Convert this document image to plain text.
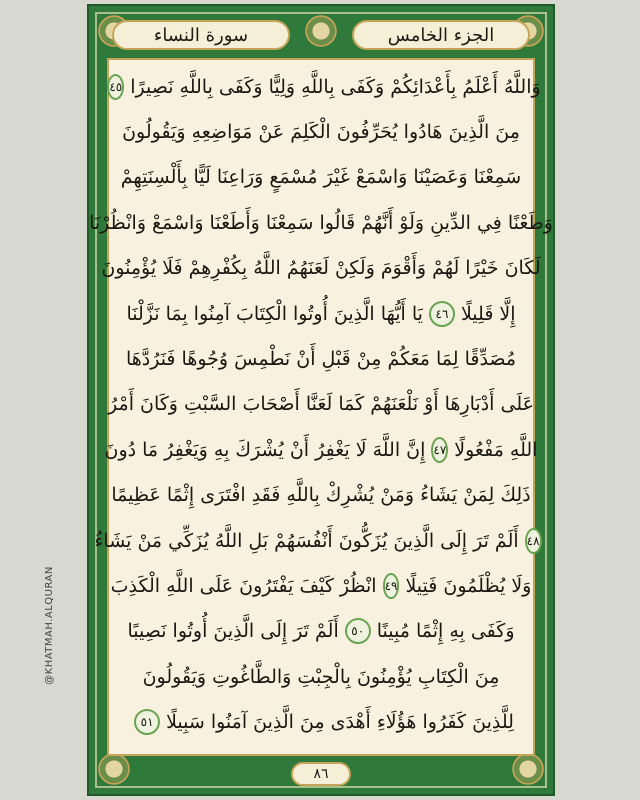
سورة النساء	الجزء الخامس
وَاللَّهُ أَعْلَمُ بِأَعْدَائِكُمْ وَكَفَى بِاللَّهِ وَلِيًّا وَكَفَى بِاللَّهِ نَصِيرًا
٤٥
مِنَ الَّذِينَ هَادُوا يُحَرِّفُونَ الْكَلِمَ عَنْ مَوَاضِعِهِ وَيَقُولُونَ
سَمِعْنَا وَعَصَيْنَا وَاسْمَعْ غَيْرَ مُسْمَعٍ وَرَاعِنَا لَيًّا بِأَلْسِنَتِهِمْ
وَطَعْنًا فِي الدِّينِ وَلَوْ أَنَّهُمْ قَالُوا سَمِعْنَا وَأَطَعْنَا وَاسْمَعْ وَانْظُرْنَا
لَكَانَ خَيْرًا لَهُمْ وَأَقْوَمَ وَلَكِنْ لَعَنَهُمُ اللَّهُ بِكُفْرِهِمْ فَلَا يُؤْمِنُونَ
إِلَّا قَلِيلًا
٤٦
يَا أَيُّهَا الَّذِينَ أُوتُوا الْكِتَابَ آمِنُوا بِمَا نَزَّلْنَا
مُصَدِّقًا لِمَا مَعَكُمْ مِنْ قَبْلِ أَنْ نَطْمِسَ وُجُوهًا فَنَرُدَّهَا
عَلَى أَدْبَارِهَا أَوْ نَلْعَنَهُمْ كَمَا لَعَنَّا أَصْحَابَ السَّبْتِ وَكَانَ أَمْرُ
اللَّهِ مَفْعُولًا
٤٧
إِنَّ اللَّهَ لَا يَغْفِرُ أَنْ يُشْرَكَ بِهِ وَيَغْفِرُ مَا دُونَ
ذَلِكَ لِمَنْ يَشَاءُ وَمَنْ يُشْرِكْ بِاللَّهِ فَقَدِ افْتَرَى إِثْمًا عَظِيمًا
٤٨
أَلَمْ تَرَ إِلَى الَّذِينَ يُزَكُّونَ أَنْفُسَهُمْ بَلِ اللَّهُ يُزَكِّي مَنْ يَشَاءُ
وَلَا يُظْلَمُونَ فَتِيلًا
٤٩
انْظُرْ كَيْفَ يَفْتَرُونَ عَلَى اللَّهِ الْكَذِبَ
وَكَفَى بِهِ إِثْمًا مُبِينًا
٥٠
أَلَمْ تَرَ إِلَى الَّذِينَ أُوتُوا نَصِيبًا
مِنَ الْكِتَابِ يُؤْمِنُونَ بِالْجِبْتِ وَالطَّاغُوتِ وَيَقُولُونَ
لِلَّذِينَ كَفَرُوا هَؤُلَاءِ أَهْدَى مِنَ الَّذِينَ آمَنُوا سَبِيلًا
٥١
٨٦
@KHATMAH.ALQURAN
